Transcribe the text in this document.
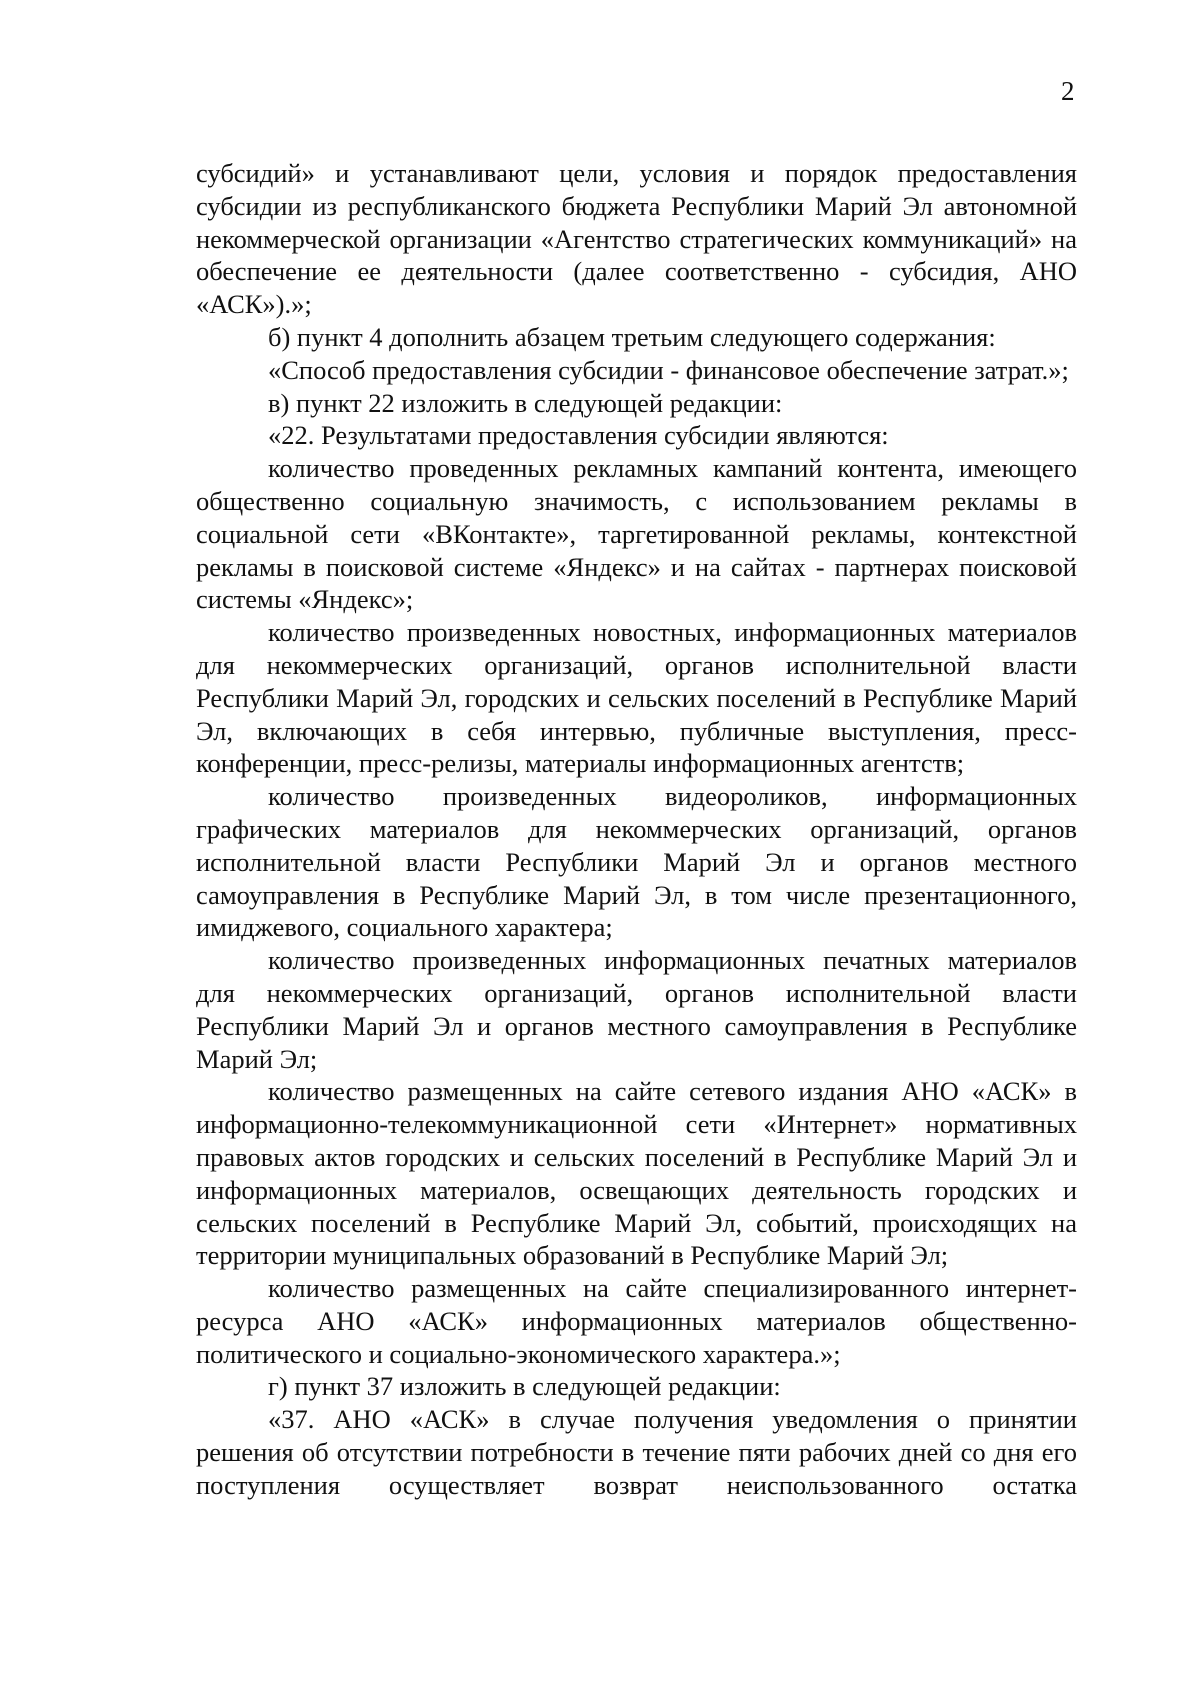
2

субсидий» и устанавливают цели, условия и порядок предоставления субсидии из республиканского бюджета Республики Марий Эл автономной некоммерческой организации «Агентство стратегических коммуникаций» на обеспечение ее деятельности (далее соответственно - субсидия, АНО «АСК»).»;

б) пункт 4 дополнить абзацем третьим следующего содержания:

«Способ предоставления субсидии - финансовое обеспечение затрат.»;

в) пункт 22 изложить в следующей редакции:

«22. Результатами предоставления субсидии являются:

количество проведенных рекламных кампаний контента, имеющего общественно социальную значимость, с использованием рекламы в социальной сети «ВКонтакте», таргетированной рекламы, контекстной рекламы в поисковой системе «Яндекс» и на сайтах - партнерах поисковой системы «Яндекс»;

количество произведенных новостных, информационных материалов для некоммерческих организаций, органов исполнительной власти Республики Марий Эл, городских и сельских поселений в Республике Марий Эл, включающих в себя интервью, публичные выступления, пресс-конференции, пресс-релизы, материалы информационных агентств;

количество произведенных видеороликов, информационных графических материалов для некоммерческих организаций, органов исполнительной власти Республики Марий Эл и органов местного самоуправления в Республике Марий Эл, в том числе презентационного, имиджевого, социального характера;

количество произведенных информационных печатных материалов для некоммерческих организаций, органов исполнительной власти Республики Марий Эл и органов местного самоуправления в Республике Марий Эл;

количество размещенных на сайте сетевого издания АНО «АСК» в информационно-телекоммуникационной сети «Интернет» нормативных правовых актов городских и сельских поселений в Республике Марий Эл и информационных материалов, освещающих деятельность городских и сельских поселений в Республике Марий Эл, событий, происходящих на территории муниципальных образований в Республике Марий Эл;

количество размещенных на сайте специализированного интернет-ресурса АНО «АСК» информационных материалов общественно-политического и социально-экономического характера.»;

г) пункт 37 изложить в следующей редакции:

«37. АНО «АСК» в случае получения уведомления о принятии решения об отсутствии потребности в течение пяти рабочих дней со дня его поступления осуществляет возврат неиспользованного остатка
